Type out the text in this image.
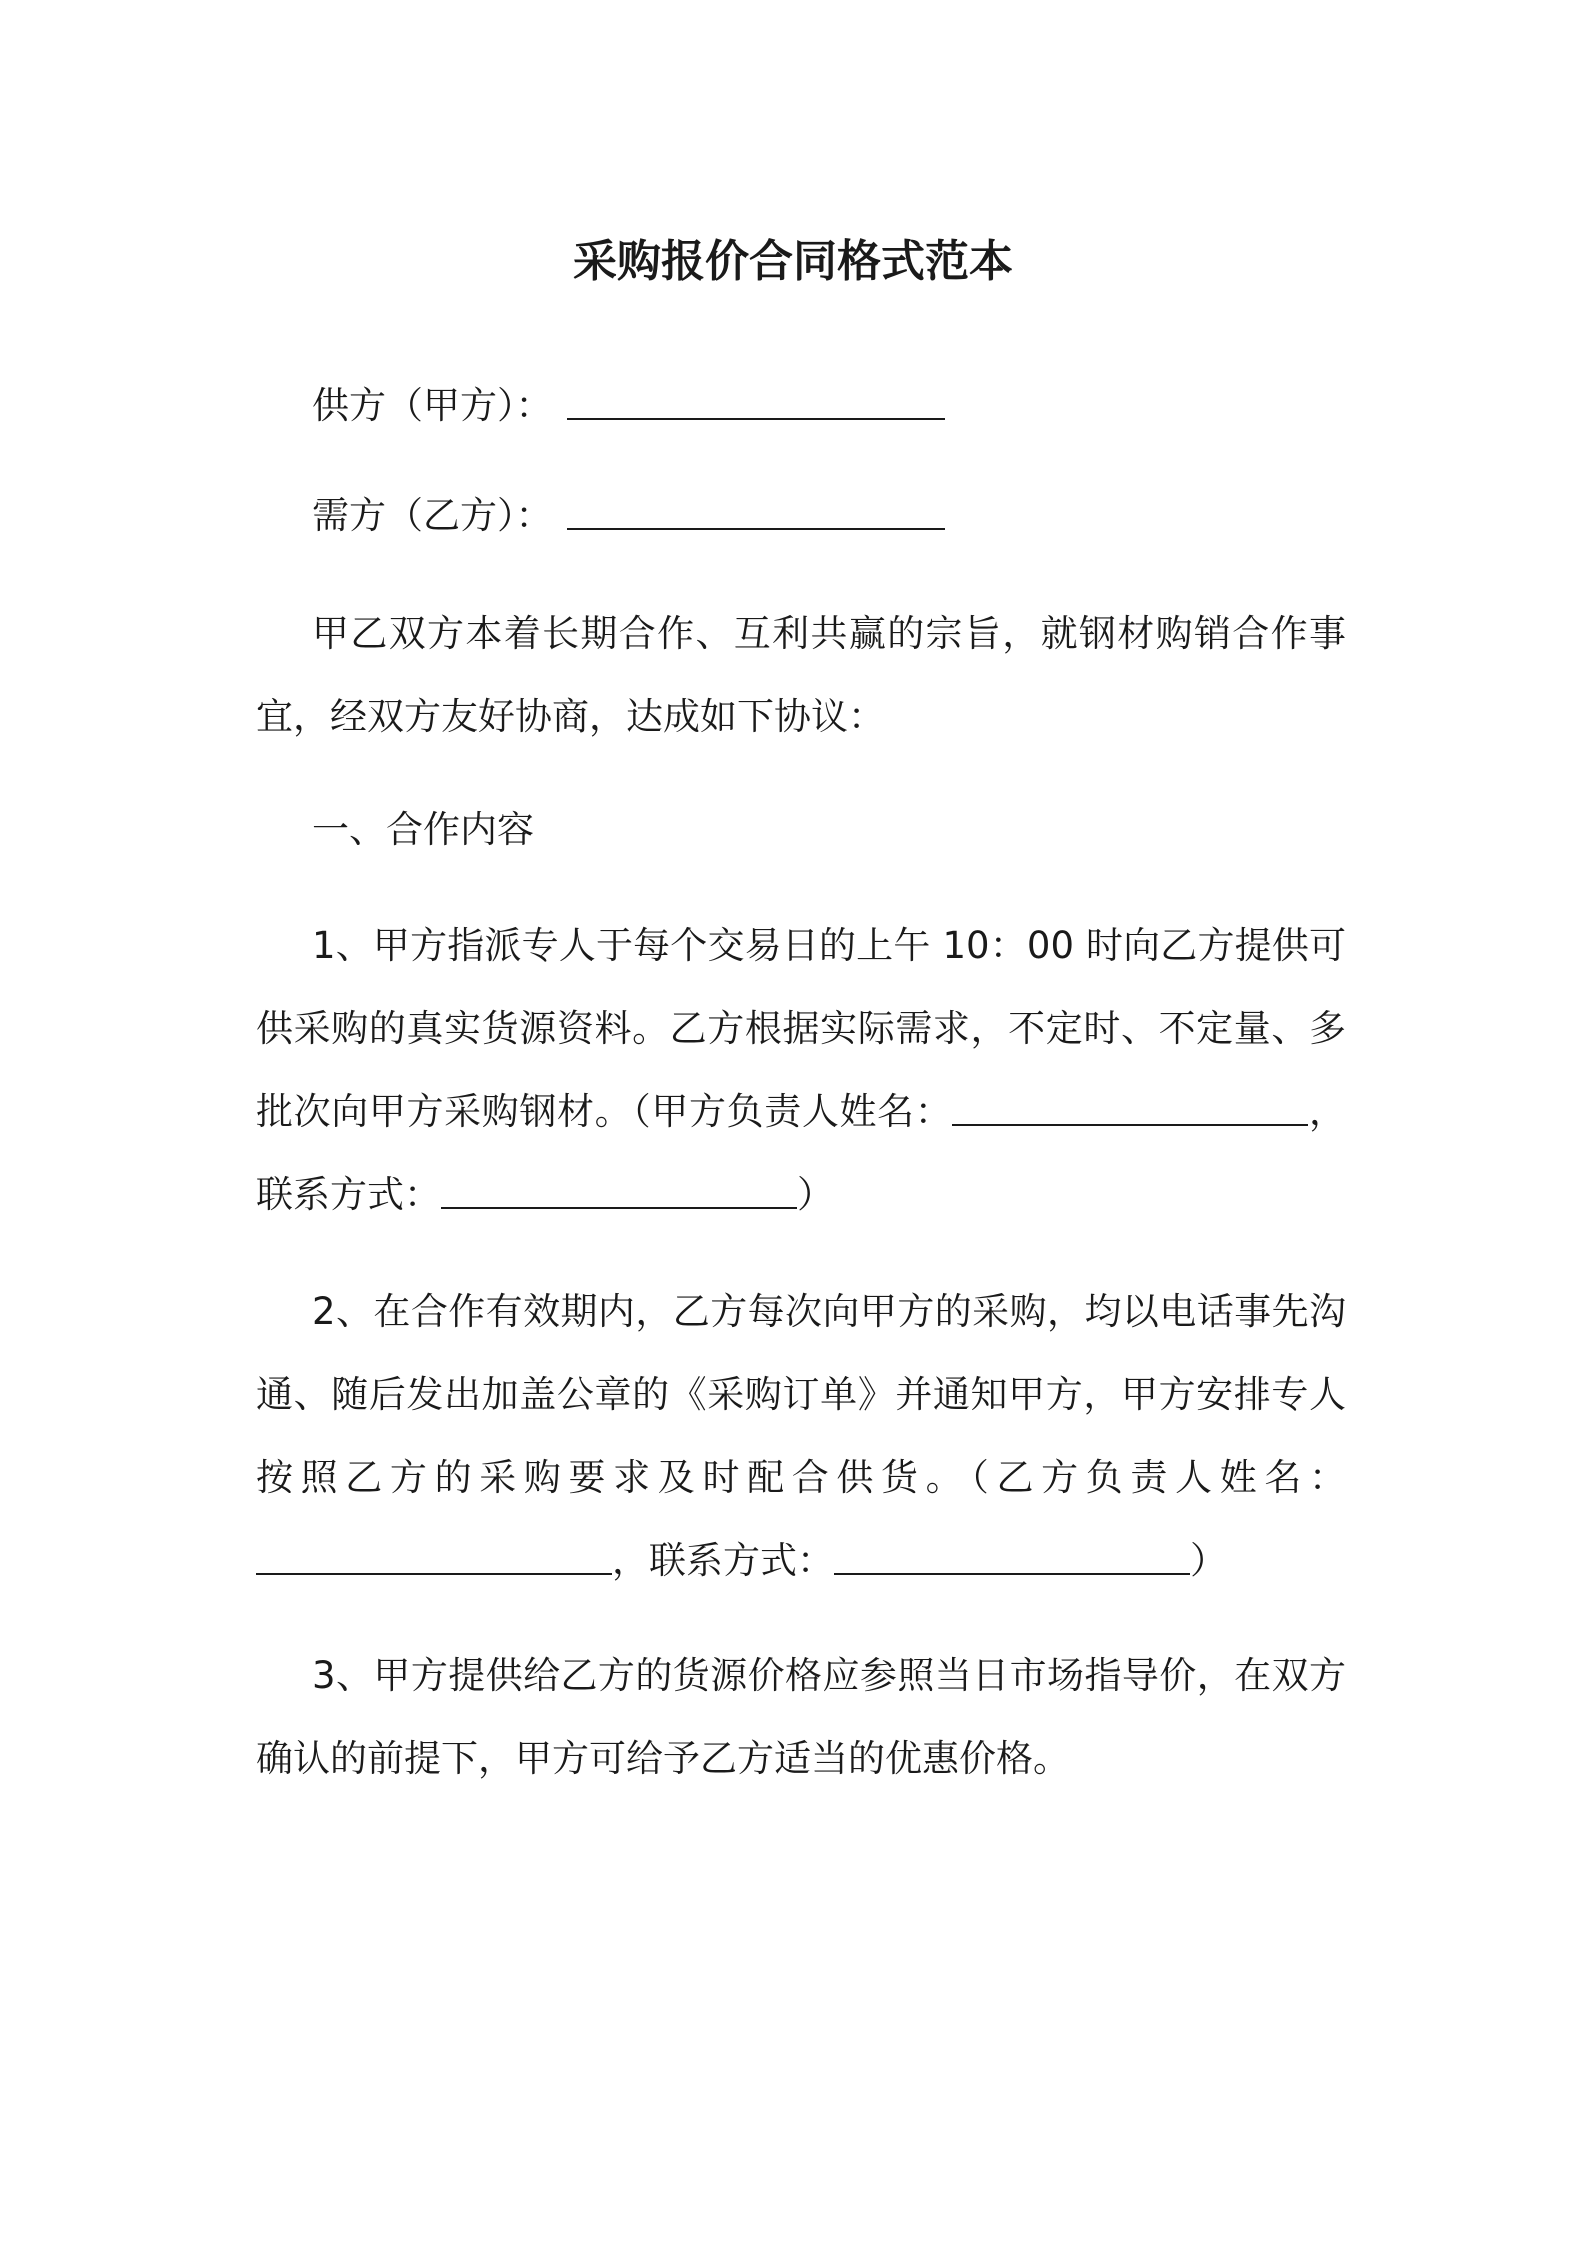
采购报价合同格式范本
供方（甲方）：
需方（乙方）：

甲乙双方本着长期合作、互利共赢的宗旨，就钢材购销合作事宜，经双方友好协商，达成如下协议：

一、合作内容

1、甲方指派专人于每个交易日的上午 10：00 时向乙方提供可供采购的真实货源资料。乙方根据实际需求，不定时、不定量、多批次向甲方采购钢材。（甲方负责人姓名：	，联系方式：	）

2、在合作有效期内，乙方每次向甲方的采购，均以电话事先沟通、随后发出加盖公章的《采购订单》并通知甲方，甲方安排专人按照乙方的采购要求及时配合供货。（乙方负责人姓名：，联系方式：	）

3、甲方提供给乙方的货源价格应参照当日市场指导价，在双方确认的前提下，甲方可给予乙方适当的优惠价格。
